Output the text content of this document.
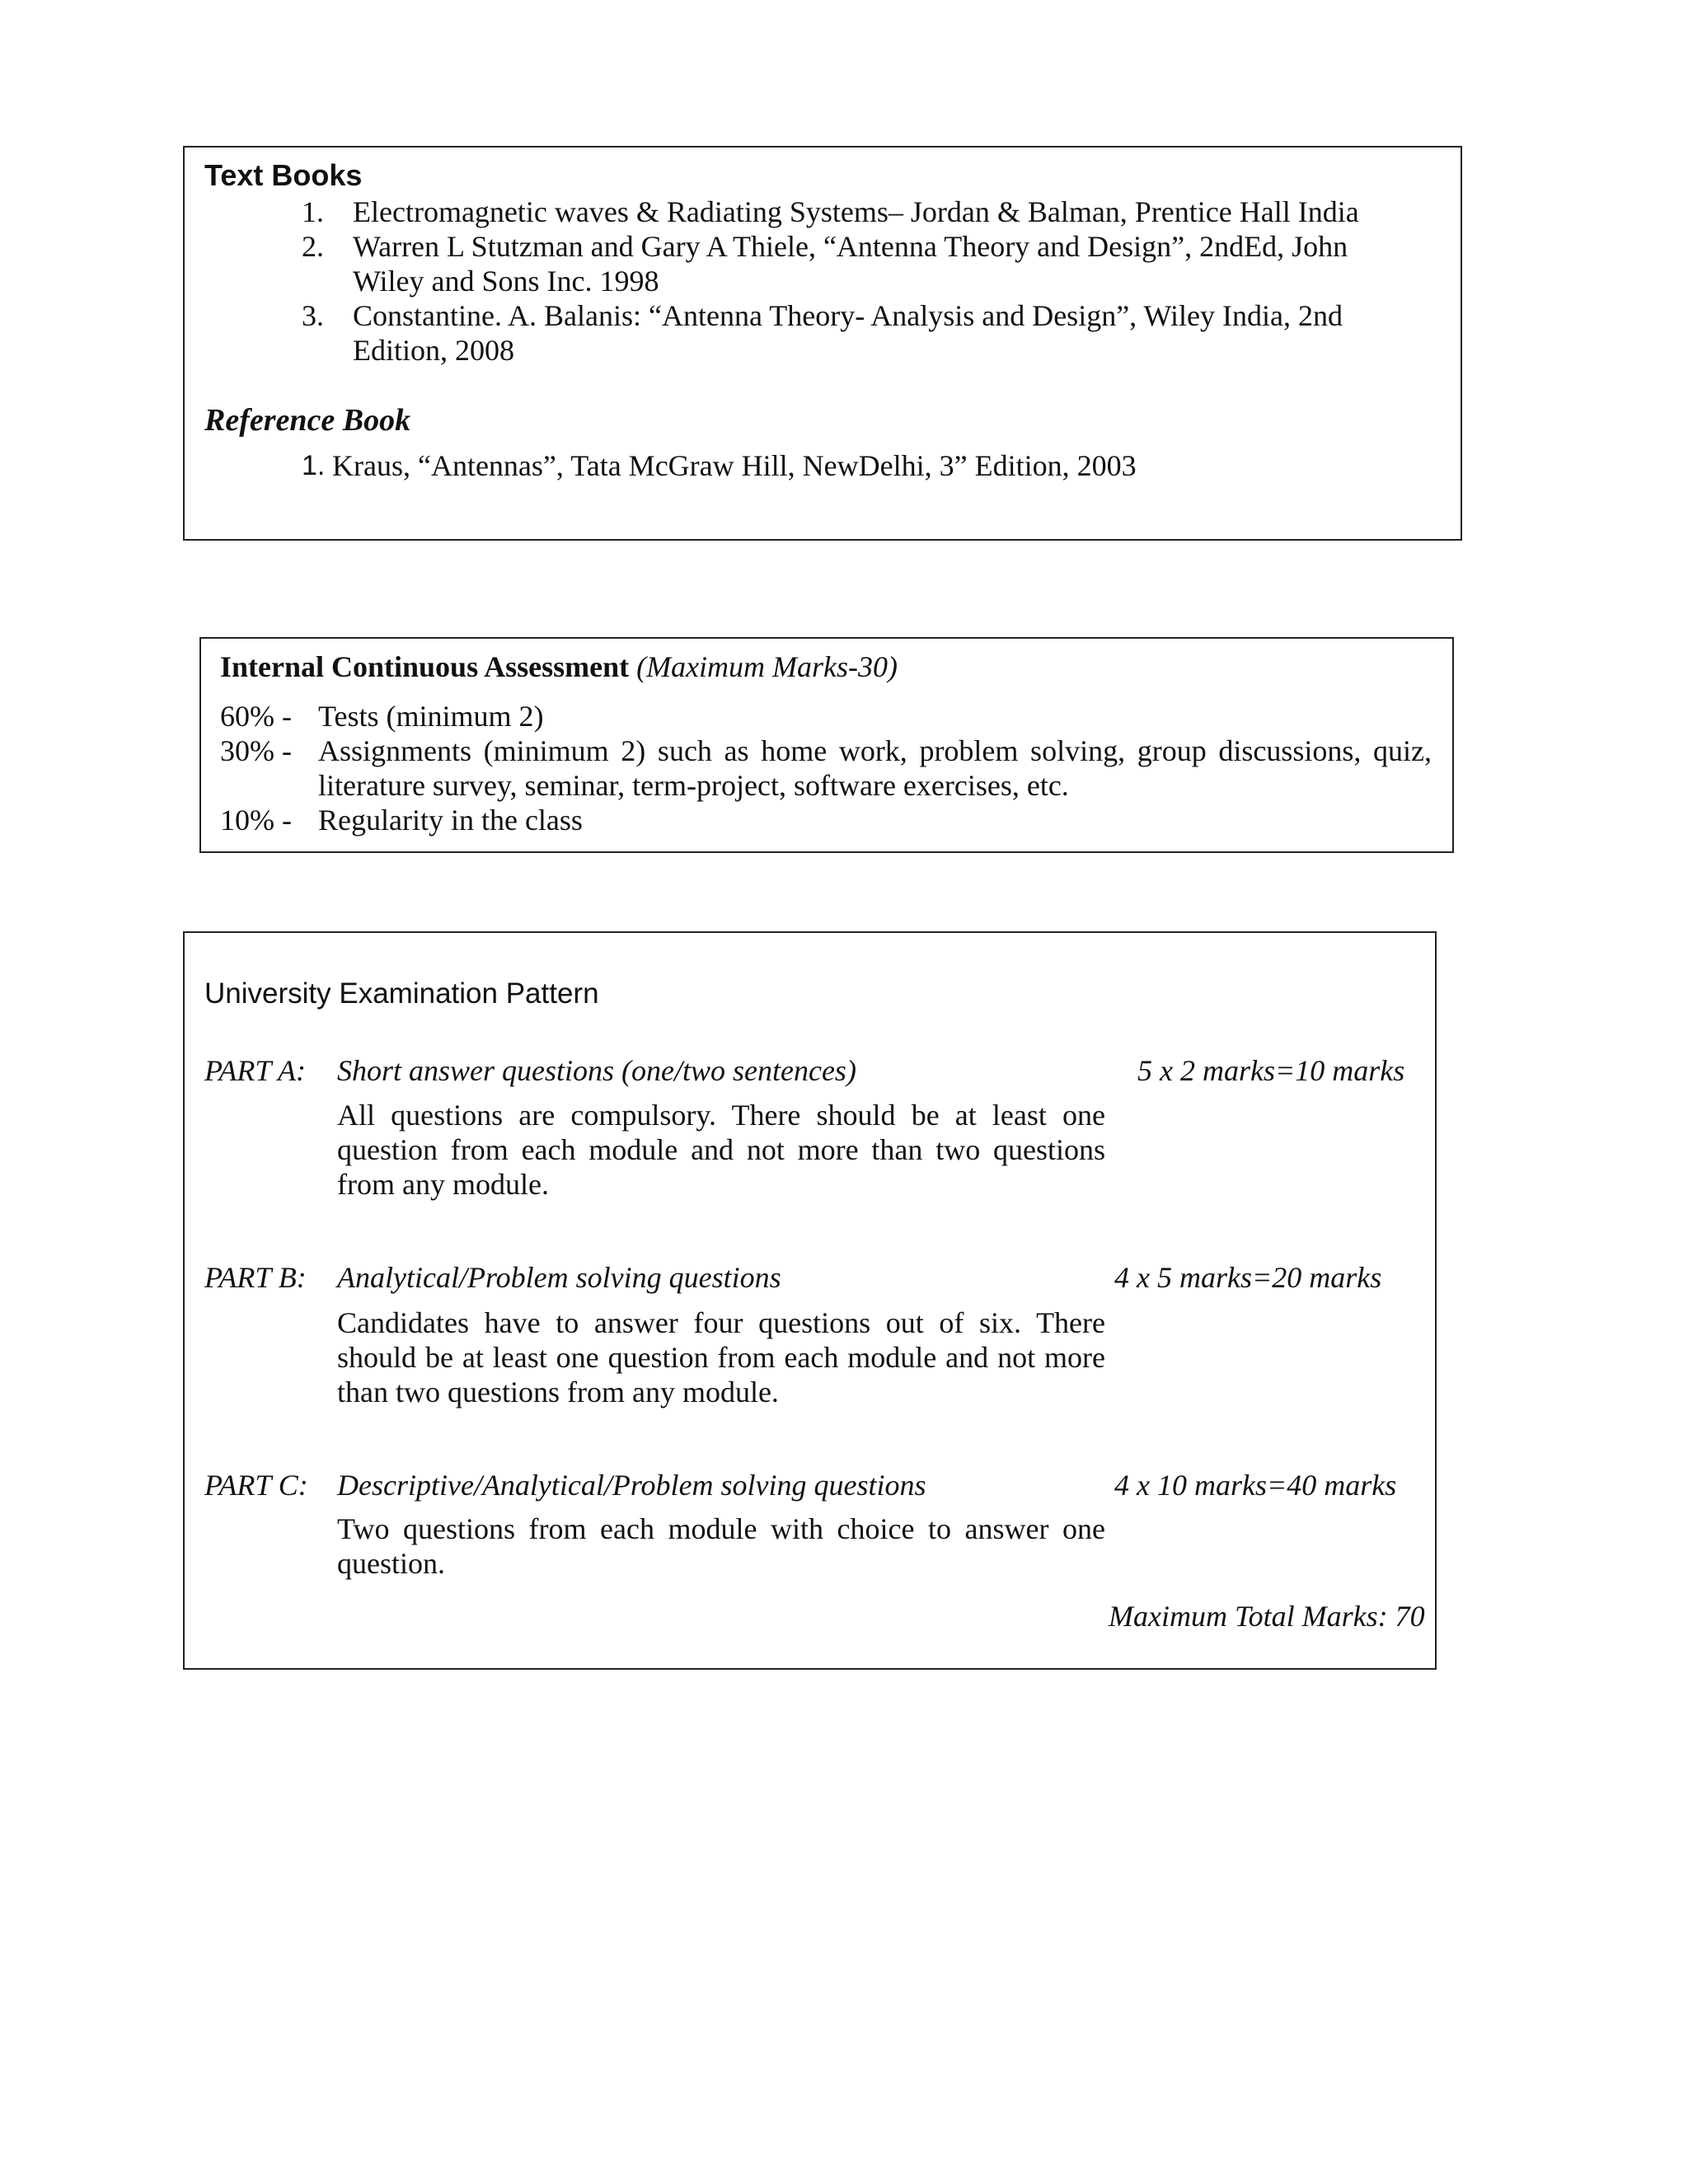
Text Books
1. Electromagnetic waves & Radiating Systems– Jordan & Balman, Prentice Hall India
2. Warren L Stutzman and Gary A Thiele, “Antenna Theory and Design”, 2ndEd, John
Wiley and Sons Inc. 1998
3. Constantine. A. Balanis: “Antenna Theory- Analysis and Design”, Wiley India, 2nd
Edition, 2008
Reference Book
1. Kraus, “Antennas”, Tata McGraw Hill, NewDelhi, 3” Edition, 2003
Internal Continuous Assessment (Maximum Marks-30)
60% - Tests (minimum 2)
30% - Assignments (minimum 2) such as home work, problem solving, group discussions, quiz,
literature survey, seminar, term-project, software exercises, etc.
10% - Regularity in the class
University Examination Pattern
PART A: Short answer questions (one/two sentences)	5 x 2 marks=10 marks
All questions are compulsory. There should be at least one
question from each module and not more than two questions
from any module.
PART B: Analytical/Problem solving questions	4 x 5 marks=20 marks
Candidates have to answer four questions out of six. There
should be at least one question from each module and not more
than two questions from any module.
PART C: Descriptive/Analytical/Problem solving questions	4 x 10 marks=40 marks
Two questions from each module with choice to answer one
question.
Maximum Total Marks: 70
